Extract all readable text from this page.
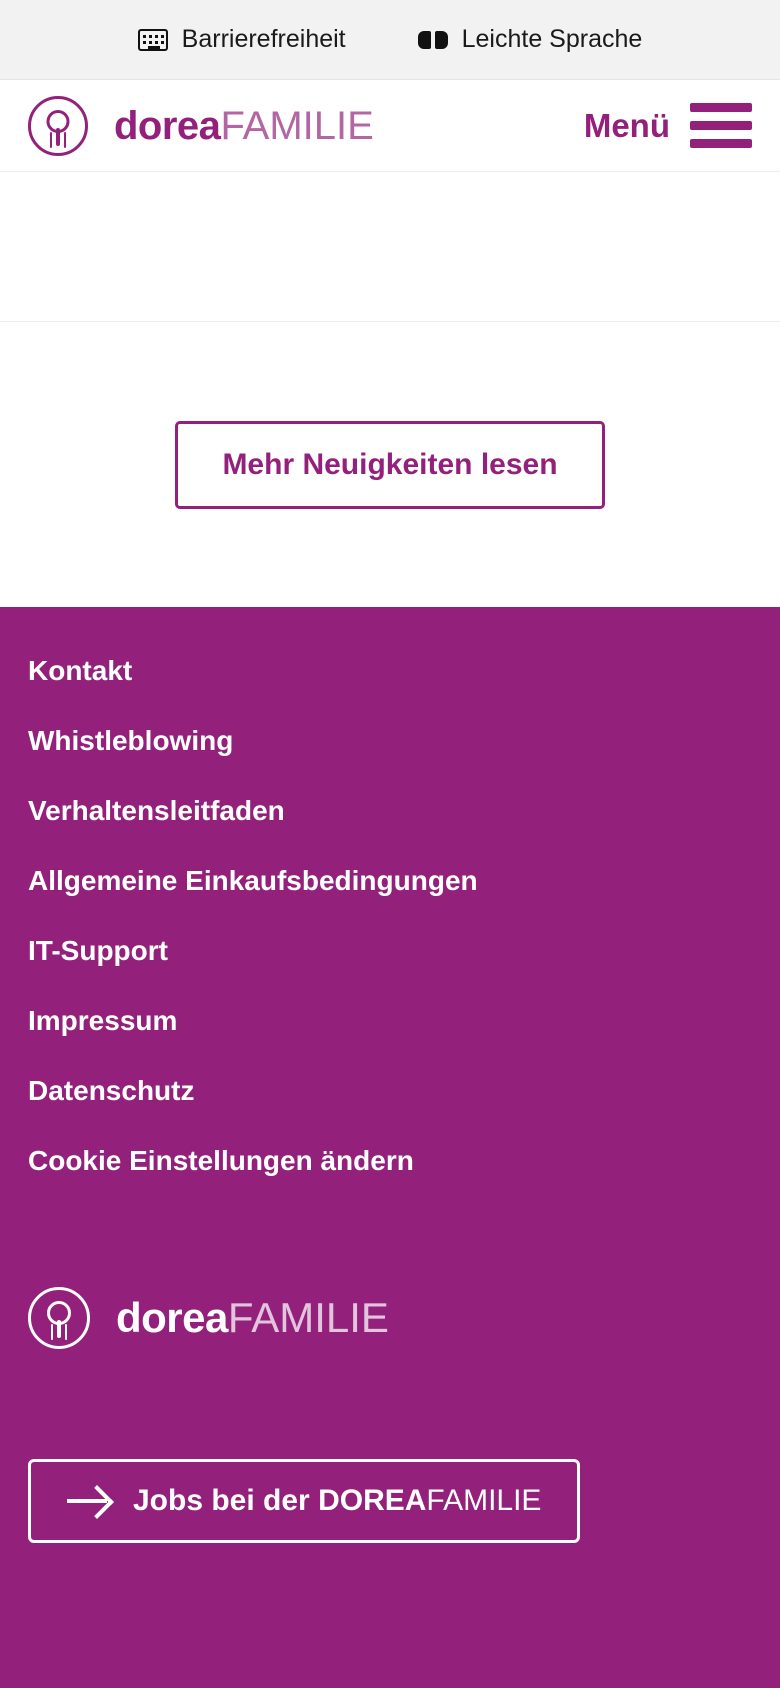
Barrierefreiheit	Leichte Sprache
doreaFAMILIE	Menü
Mehr Neuigkeiten lesen
Kontakt
Whistleblowing
Verhaltensleitfaden
Allgemeine Einkaufsbedingungen
IT-Support
Impressum
Datenschutz
Cookie Einstellungen ändern
doreaFAMILIE
Jobs bei der DOREAFAMILIE
